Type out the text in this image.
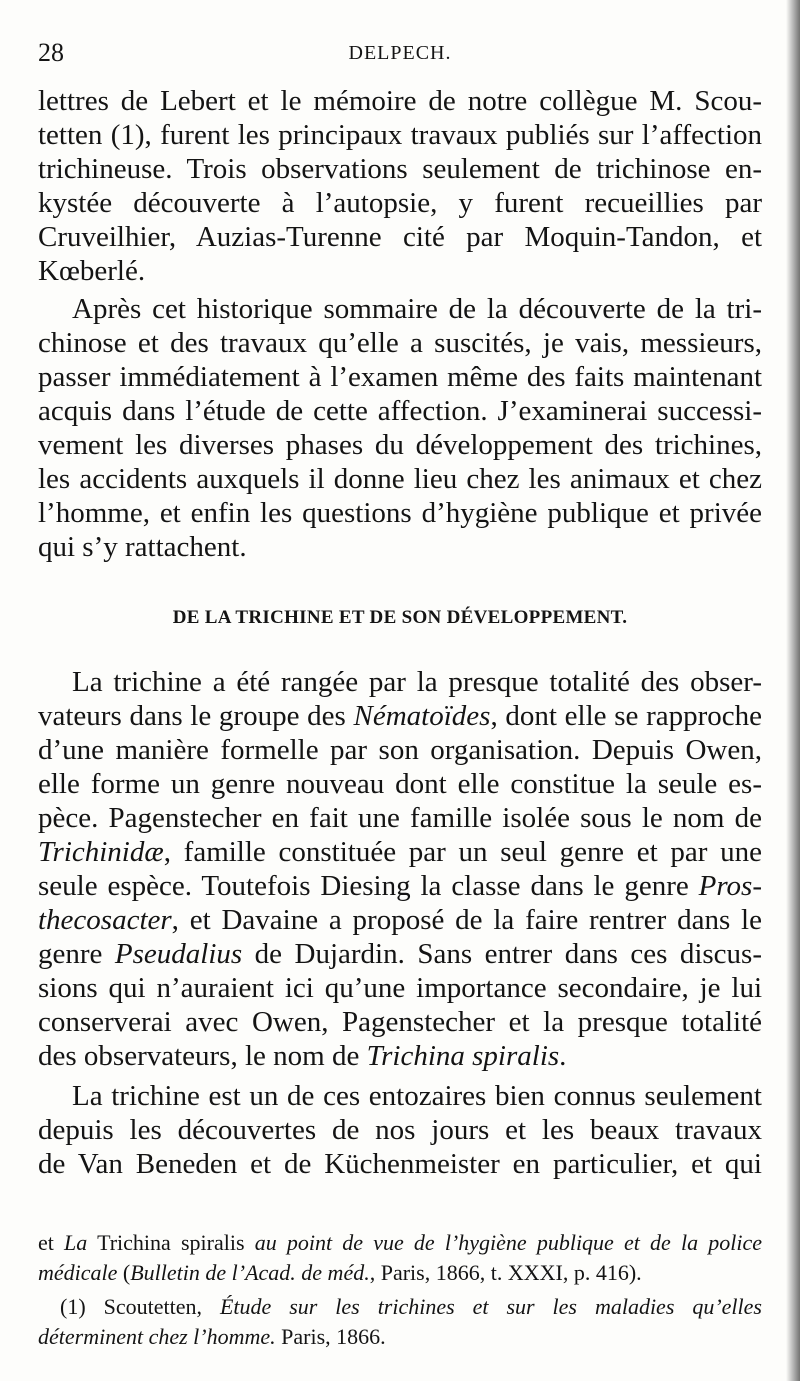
28	DELPECH.
lettres de Lebert et le mémoire de notre collègue M. Scou-
tetten (1), furent les principaux travaux publiés sur l’affection
trichineuse. Trois observations seulement de trichinose en-
kystée découverte à l’autopsie, y furent recueillies par
Cruveilhier, Auzias-Turenne cité par Moquin-Tandon, et
Kœberlé.
Après cet historique sommaire de la découverte de la tri-
chinose et des travaux qu’elle a suscités, je vais, messieurs,
passer immédiatement à l’examen même des faits maintenant
acquis dans l’étude de cette affection. J’examinerai successi-
vement les diverses phases du développement des trichines,
les accidents auxquels il donne lieu chez les animaux et chez
l’homme, et enfin les questions d’hygiène publique et privée
qui s’y rattachent.
DE LA TRICHINE ET DE SON DÉVELOPPEMENT.
La trichine a été rangée par la presque totalité des obser-
vateurs dans le groupe des Nématoïdes, dont elle se rapproche
d’une manière formelle par son organisation. Depuis Owen,
elle forme un genre nouveau dont elle constitue la seule es-
pèce. Pagenstecher en fait une famille isolée sous le nom de
Trichinidæ, famille constituée par un seul genre et par une
seule espèce. Toutefois Diesing la classe dans le genre Pros-
thecosacter, et Davaine a proposé de la faire rentrer dans le
genre Pseudalius de Dujardin. Sans entrer dans ces discus-
sions qui n’auraient ici qu’une importance secondaire, je lui
conserverai avec Owen, Pagenstecher et la presque totalité
des observateurs, le nom de Trichina spiralis.
La trichine est un de ces entozaires bien connus seulement
depuis les découvertes de nos jours et les beaux travaux
de Van Beneden et de Küchenmeister en particulier, et qui
et La Trichina spiralis au point de vue de l’hygiène publique et de la police
médicale (Bulletin de l’Acad. de méd., Paris, 1866, t. XXXI, p. 416).
(1) Scoutetten, Étude sur les trichines et sur les maladies qu’elles
déterminent chez l’homme. Paris, 1866.
